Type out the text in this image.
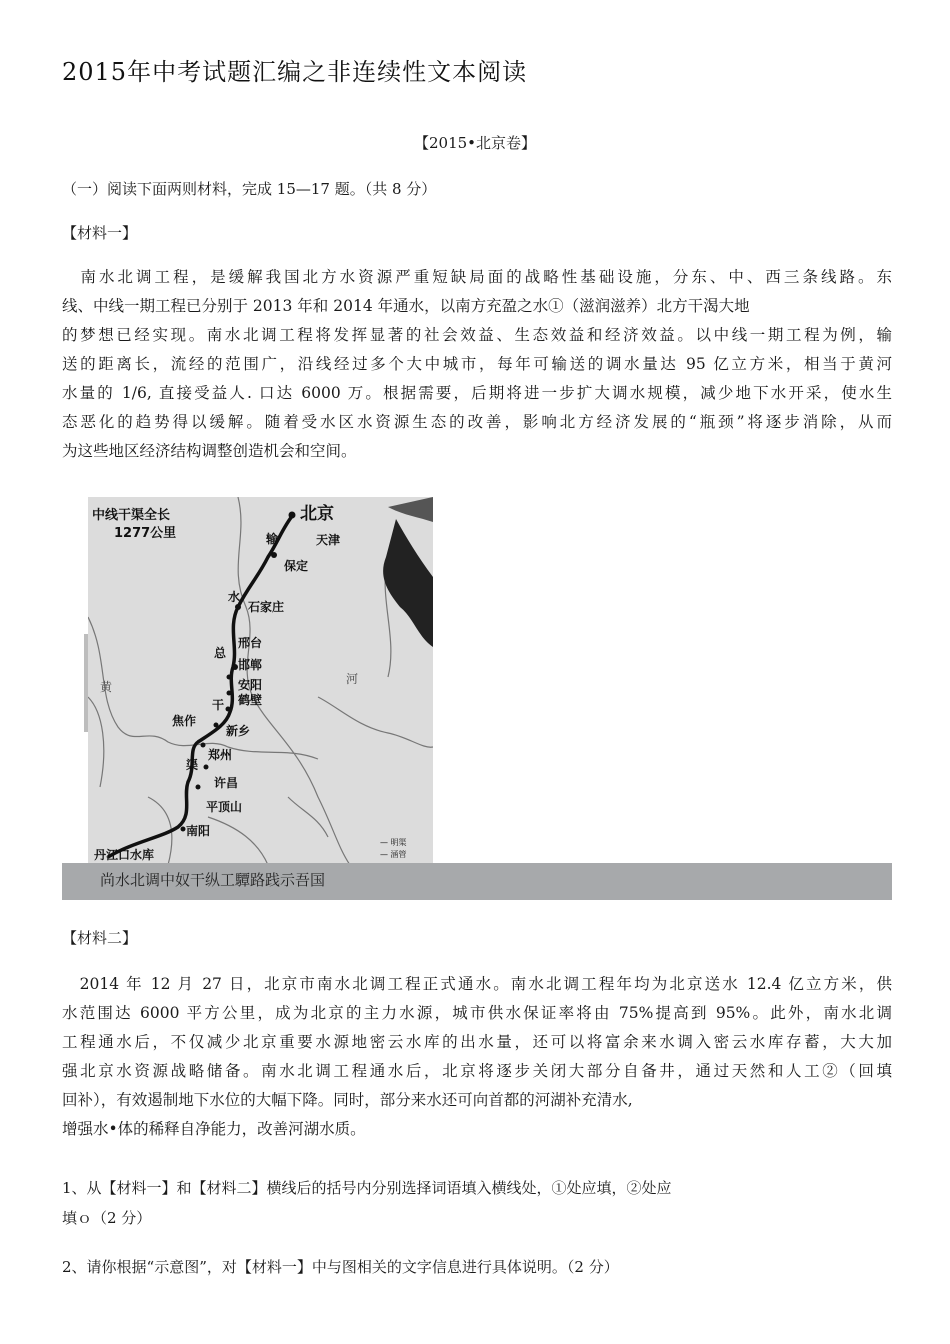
2015年中考试题汇编之非连续性文本阅读
【2015•北京卷】
（一）阅读下面两则材料，完成 15—17 题。（共 8 分）
【材料一】
　南水北调工程，是缓解我国北方水资源严重短缺局面的战略性基础设施，分东、中、西三条线路。东
线、中线一期工程已分别于 2013 年和 2014 年通水，以南方充盈之水①（滋润滋养）北方干渴大地
的梦想已经实现。南水北调工程将发挥显著的社会效益、生态效益和经济效益。以中线一期工程为例，输
送的距离长，流经的范围广，沿线经过多个大中城市，每年可输送的调水量达 95 亿立方米，相当于黄河
水量的 1/6, 直接受益人. 口达 6000 万。根据需要，后期将进一步扩大调水规模，减少地下水开采，使水生
态恶化的趋势得以缓解。随着受水区水资源生态的改善，影响北方经济发展的“瓶颈”将逐步消除，从而
为这些地区经济结构调整创造机会和空间。
中线干渠全长
1277公里
北京
天津
输
保定
水
石家庄
邢台
总
邯郸
安阳
鹤壁
干
新乡
焦作
郑州
渠
许昌
平顶山
南阳
丹江口水库
黄
河
— 明渠
— 涵管
尚水北调中奴干纵工驔路践示吾国
【材料二】
　2014 年 12 月 27 日，北京市南水北调工程正式通水。南水北调工程年均为北京送水 12.4 亿立方米，供
水范围达 6000 平方公里，成为北京的主力水源，城市供水保证率将由 75%提高到 95%。此外，南水北调
工程通水后，不仅减少北京重要水源地密云水库的出水量，还可以将富余来水调入密云水库存蓄，大大加
强北京水资源战略储备。南水北调工程通水后，北京将逐步关闭大部分自备井，通过天然和人工②（回填
回补），有效遏制地下水位的大幅下降。同时，部分来水还可向首都的河湖补充清水,
增强水•体的稀释自净能力，改善河湖水质。
1、从【材料一】和【材料二】横线后的括号内分别选择词语填入横线处，①处应填，②处应
填ｏ（2 分）
2、请你根据“示意图”，对【材料一】中与图相关的文字信息进行具体说明。（2 分）
